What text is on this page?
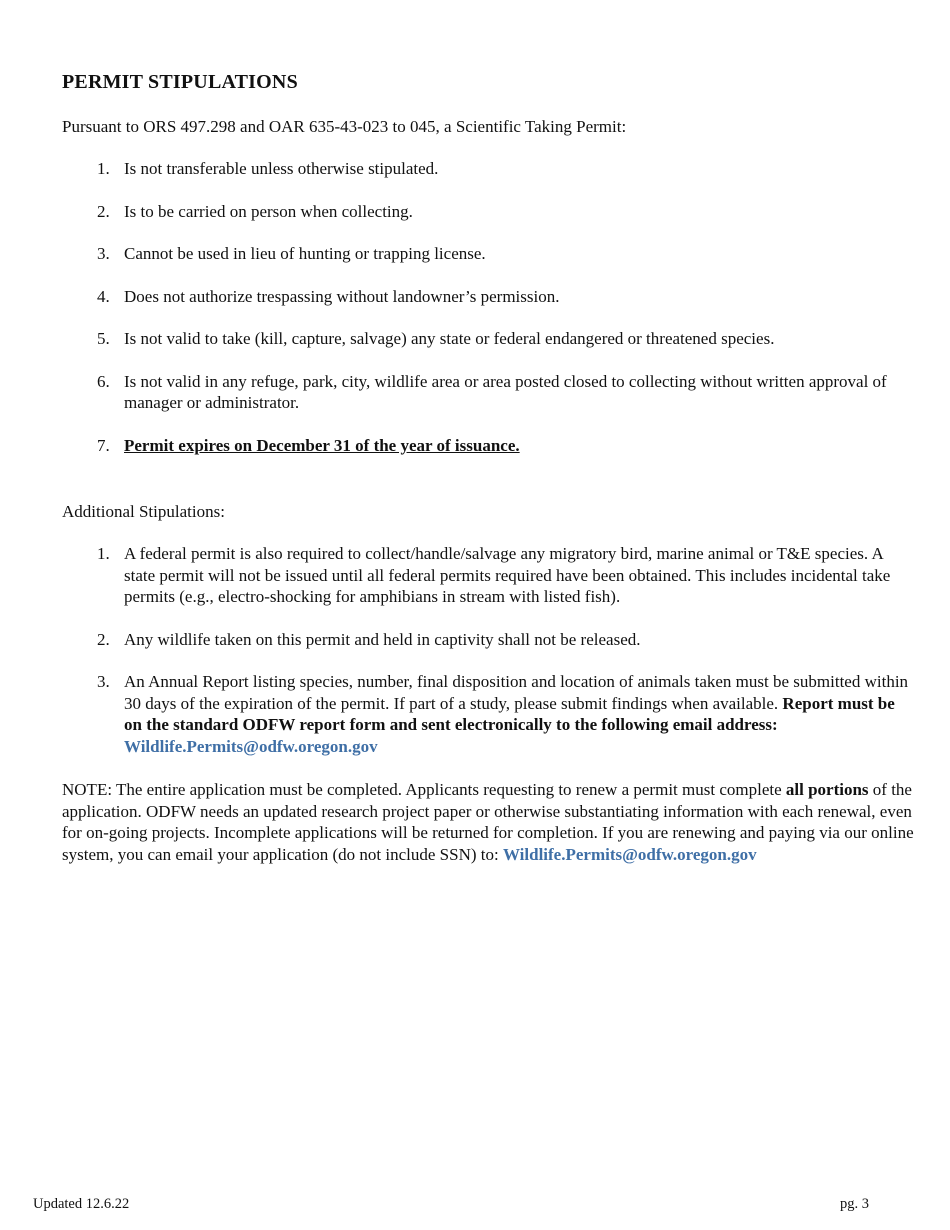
PERMIT STIPULATIONS

Pursuant to ORS 497.298 and OAR 635-43-023 to 045, a Scientific Taking Permit:

1. Is not transferable unless otherwise stipulated.
2. Is to be carried on person when collecting.
3. Cannot be used in lieu of hunting or trapping license.
4. Does not authorize trespassing without landowner’s permission.
5. Is not valid to take (kill, capture, salvage) any state or federal endangered or threatened species.
6. Is not valid in any refuge, park, city, wildlife area or area posted closed to collecting without written approval of manager or administrator.
7. Permit expires on December 31 of the year of issuance.

Additional Stipulations:

1. A federal permit is also required to collect/handle/salvage any migratory bird, marine animal or T&E species. A state permit will not be issued until all federal permits required have been obtained. This includes incidental take permits (e.g., electro-shocking for amphibians in stream with listed fish).
2. Any wildlife taken on this permit and held in captivity shall not be released.
3. An Annual Report listing species, number, final disposition and location of animals taken must be submitted within 30 days of the expiration of the permit. If part of a study, please submit findings when available. Report must be on the standard ODFW report form and sent electronically to the following email address: Wildlife.Permits@odfw.oregon.gov

NOTE: The entire application must be completed. Applicants requesting to renew a permit must complete all portions of the application. ODFW needs an updated research project paper or otherwise substantiating information with each renewal, even for on-going projects. Incomplete applications will be returned for completion. If you are renewing and paying via our online system, you can email your application (do not include SSN) to: Wildlife.Permits@odfw.oregon.gov

Updated 12.6.22	pg. 3
